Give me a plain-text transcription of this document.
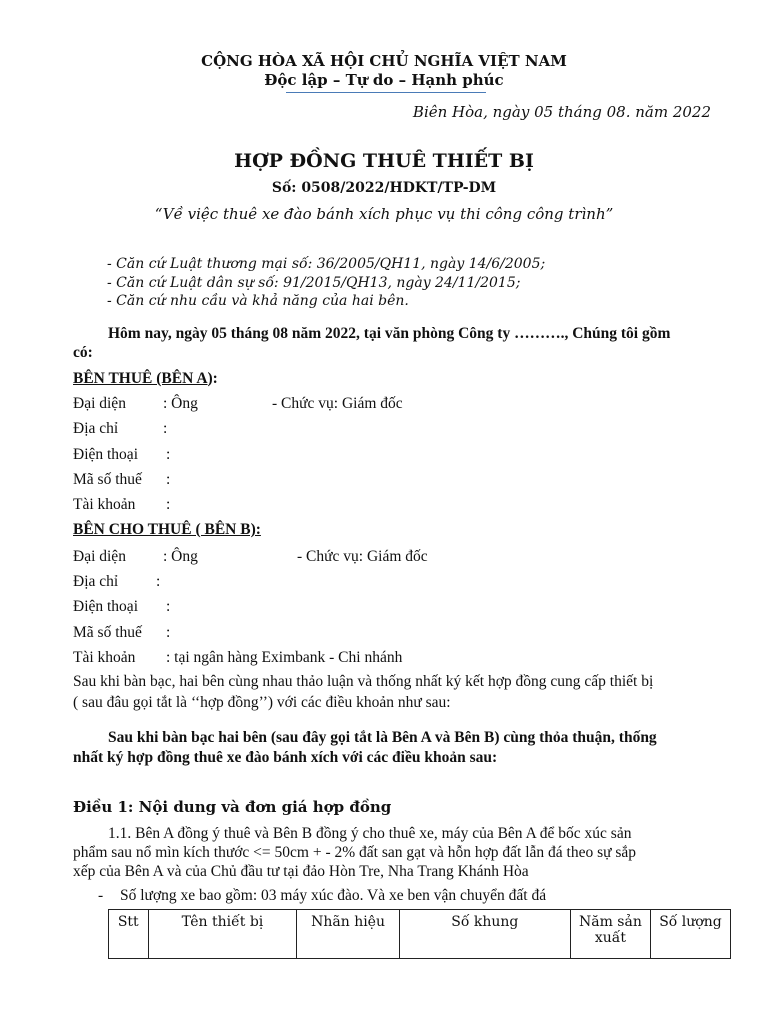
CỘNG HÒA XÃ HỘI CHỦ NGHĨA VIỆT NAM
Độc lập – Tự do – Hạnh phúc
Biên Hòa, ngày 05 tháng 08. năm 2022
HỢP ĐỒNG THUÊ THIẾT BỊ
Số: 0508/2022/HDKT/TP-DM
“Về việc thuê xe đào bánh xích phục vụ thi công công trình”
- Căn cứ Luật thương mại số: 36/2005/QH11, ngày 14/6/2005;
- Căn cứ Luật dân sự số: 91/2015/QH13, ngày 24/11/2015;
- Căn cứ nhu cầu và khả năng của hai bên.
Hôm nay, ngày 05 tháng 08 năm 2022, tại văn phòng Công ty ………., Chúng tôi gồm
có:
BÊN THUÊ (BÊN A):
Đại diện : Ông	- Chức vụ: Giám đốc
Địa chỉ	:
Điện thoại :
Mã số thuế :
Tài khoản :
BÊN CHO THUÊ ( BÊN B):
Đại diện : Ông	- Chức vụ: Giám đốc
Địa chỉ :
Điện thoại :
Mã số thuế :
Tài khoản : tại ngân hàng Eximbank - Chi nhánh
Sau khi bàn bạc, hai bên cùng nhau thảo luận và thống nhất ký kết hợp đồng cung cấp thiết bị
( sau đâu gọi tắt là ‘‘hợp đồng’’) với các điều khoản như sau:
Sau khi bàn bạc hai bên (sau đây gọi tắt là Bên A và Bên B) cùng thỏa thuận, thống
nhất ký hợp đồng thuê xe đào bánh xích với các điều khoản sau:
Điều 1: Nội dung và đơn giá hợp đồng
1.1. Bên A đồng ý thuê và Bên B đồng ý cho thuê xe, máy của Bên A để bốc xúc sản
phẩm sau nổ mìn kích thước <= 50cm + - 2% đất san gạt và hỗn hợp đất lẫn đá theo sự sắp
xếp của Bên A và của Chủ đầu tư tại đảo Hòn Tre, Nha Trang Khánh Hòa
- Số lượng xe bao gồm: 03 máy xúc đào. Và xe ben vận chuyển đất đá
Stt	Tên thiết bị	Nhãn hiệu	Số khung	Năm sản xuất	Số lượng
